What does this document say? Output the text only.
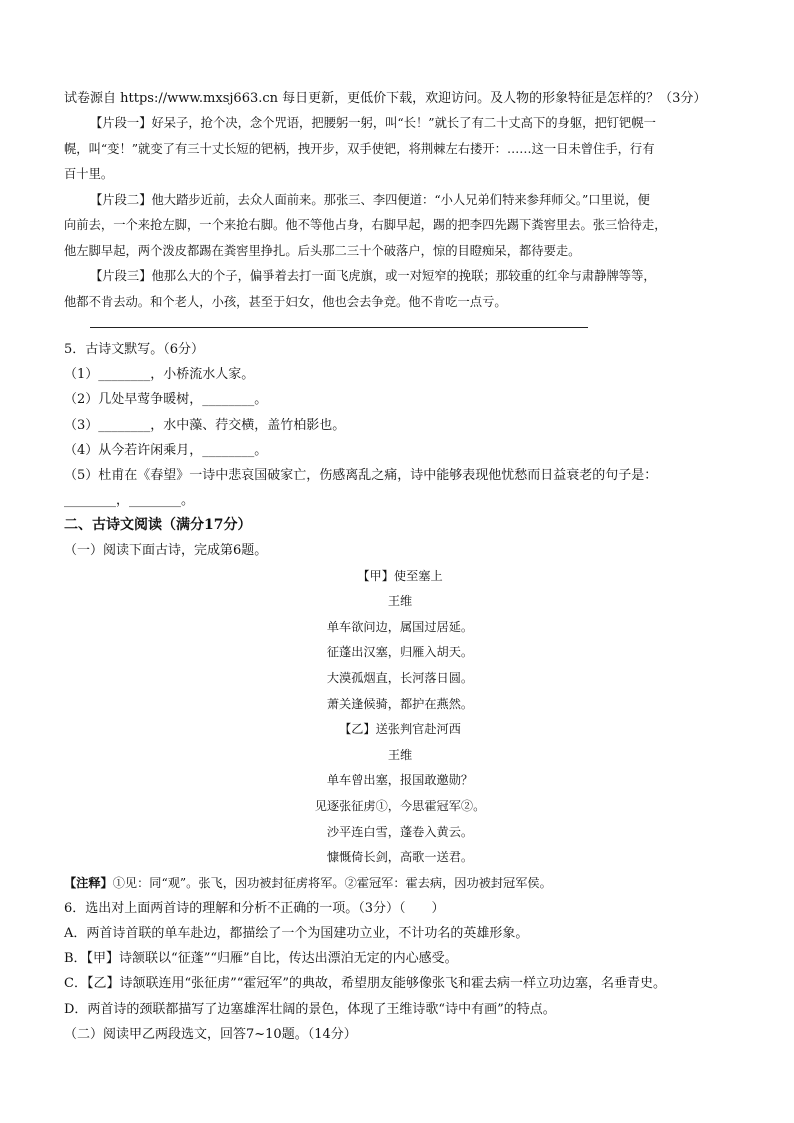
试卷源自 https://www.mxsj663.cn 每日更新，更低价下载，欢迎访问。及人物的形象特征是怎样的？（3分）
【片段一】好呆子，抢个决，念个咒语，把腰躬一躬，叫“长！”就长了有二十丈高下的身躯，把钉钯幌一
幌，叫“变！”就变了有三十丈长短的钯柄，拽开步，双手使钯，将荆棘左右搂开：……这一日未曾住手，行有
百十里。
【片段二】他大踏步近前，去众人面前来。那张三、李四便道：“小人兄弟们特来参拜师父。”口里说，便
向前去，一个来抢左脚，一个来抢右脚。他不等他占身，右脚早起，踢的把李四先踢下粪窖里去。张三恰待走，
他左脚早起，两个泼皮都踢在粪窖里挣扎。后头那二三十个破落户，惊的目瞪痴呆，都待要走。
【片段三】他那么大的个子，偏爭着去打一面飞虎旗，或一对短窄的挽联；那较重的红伞与肃静牌等等，
他都不肯去动。和个老人，小孩，甚至于妇女，他也会去争竞。他不肯吃一点亏。
5．古诗文默写。（6分）
（1）________，小桥流水人家。
（2）几处早莺争暖树，________。
（3）________，水中藻、荇交横，盖竹柏影也。
（4）从今若许闲乘月，________。
（5）杜甫在《春望》一诗中悲哀国破家亡，伤感离乱之痛，诗中能够表现他忧愁而日益衰老的句子是：
________，________。
二、古诗文阅读（满分17分）
（一）阅读下面古诗，完成第6题。
【甲】使至塞上
王维
单车欲问边，属国过居延。
征蓬出汉塞，归雁入胡天。
大漠孤烟直，长河落日圆。
萧关逢候骑，都护在燕然。
【乙】送张判官赴河西
王维
单车曾出塞，报国敢邀勋？
见逐张征虏①，今思霍冠军②。
沙平连白雪，蓬卷入黄云。
慷慨倚长剑，高歌一送君。
【注释】①见：同“观”。张飞，因功被封征虏将军。②霍冠军：霍去病，因功被封冠军侯。
6．选出对上面两首诗的理解和分析不正确的一项。（3分）（　　）
A．两首诗首联的单车赴边，都描绘了一个为国建功立业，不计功名的英雄形象。
B．【甲】诗颔联以“征蓬”“归雁”自比，传达出漂泊无定的内心感受。
C．【乙】诗颔联连用“张征虏”“霍冠军”的典故，希望朋友能够像张飞和霍去病一样立功边塞，名垂青史。
D．两首诗的颈联都描写了边塞雄浑壮阔的景色，体现了王维诗歌“诗中有画”的特点。
（二）阅读甲乙两段选文，回答7~10题。（14分）
